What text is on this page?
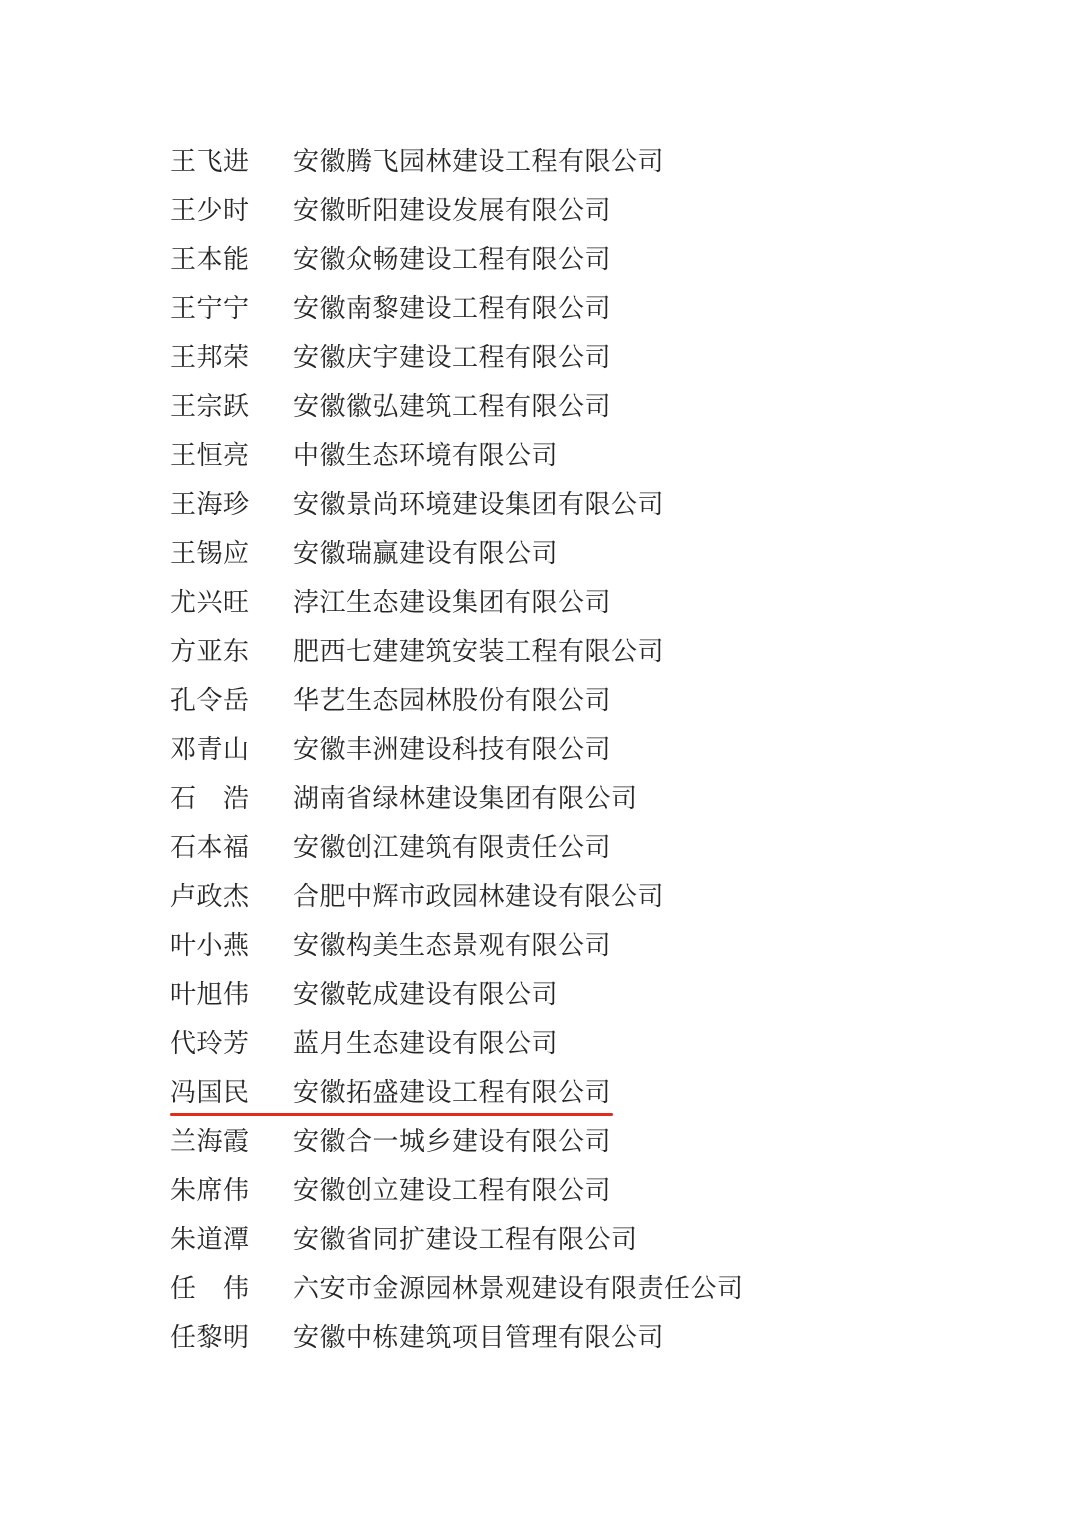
王飞进	安徽腾飞园林建设工程有限公司
王少时	安徽昕阳建设发展有限公司
王本能	安徽众畅建设工程有限公司
王宁宁	安徽南黎建设工程有限公司
王邦荣	安徽庆宇建设工程有限公司
王宗跃	安徽徽弘建筑工程有限公司
王恒亮	中徽生态环境有限公司
王海珍	安徽景尚环境建设集团有限公司
王锡应	安徽瑞赢建设有限公司
尤兴旺	浡江生态建设集团有限公司
方亚东	肥西七建建筑安装工程有限公司
孔令岳	华艺生态园林股份有限公司
邓青山	安徽丰洲建设科技有限公司
石　浩	湖南省绿林建设集团有限公司
石本福	安徽创江建筑有限责任公司
卢政杰	合肥中辉市政园林建设有限公司
叶小燕	安徽构美生态景观有限公司
叶旭伟	安徽乾成建设有限公司
代玲芳	蓝月生态建设有限公司
冯国民	安徽拓盛建设工程有限公司
兰海霞	安徽合一城乡建设有限公司
朱席伟	安徽创立建设工程有限公司
朱道潭	安徽省同扩建设工程有限公司
任　伟	六安市金源园林景观建设有限责任公司
任黎明	安徽中栋建筑项目管理有限公司
